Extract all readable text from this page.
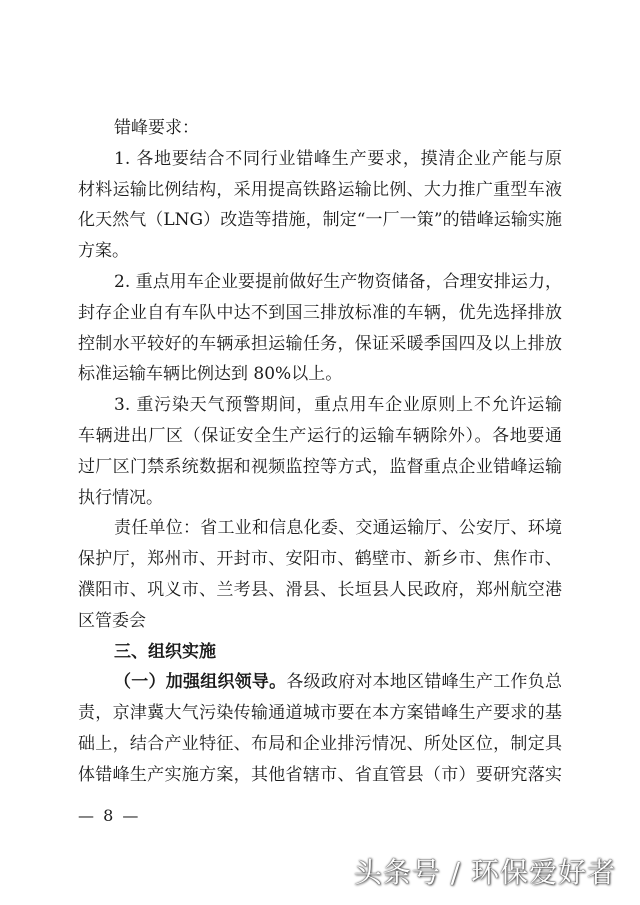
错峰要求：
1. 各地要结合不同行业错峰生产要求，摸清企业产能与原
材料运输比例结构，采用提高铁路运输比例、大力推广重型车液
化天然气（LNG）改造等措施，制定“一厂一策”的错峰运输实施
方案。
2. 重点用车企业要提前做好生产物资储备，合理安排运力，
封存企业自有车队中达不到国三排放标准的车辆，优先选择排放
控制水平较好的车辆承担运输任务，保证采暖季国四及以上排放
标准运输车辆比例达到 80%以上。
3. 重污染天气预警期间，重点用车企业原则上不允许运输
车辆进出厂区（保证安全生产运行的运输车辆除外）。各地要通
过厂区门禁系统数据和视频监控等方式，监督重点企业错峰运输
执行情况。
责任单位：省工业和信息化委、交通运输厅、公安厅、环境
保护厅，郑州市、开封市、安阳市、鹤壁市、新乡市、焦作市、
濮阳市、巩义市、兰考县、滑县、长垣县人民政府，郑州航空港
区管委会
三、组织实施
（一）加强组织领导。各级政府对本地区错峰生产工作负总
责，京津冀大气污染传输通道城市要在本方案错峰生产要求的基
础上，结合产业特征、布局和企业排污情况、所处区位，制定具
体错峰生产实施方案，其他省辖市、省直管县（市）要研究落实
— 8 —
头条号 / 环保爱好者
